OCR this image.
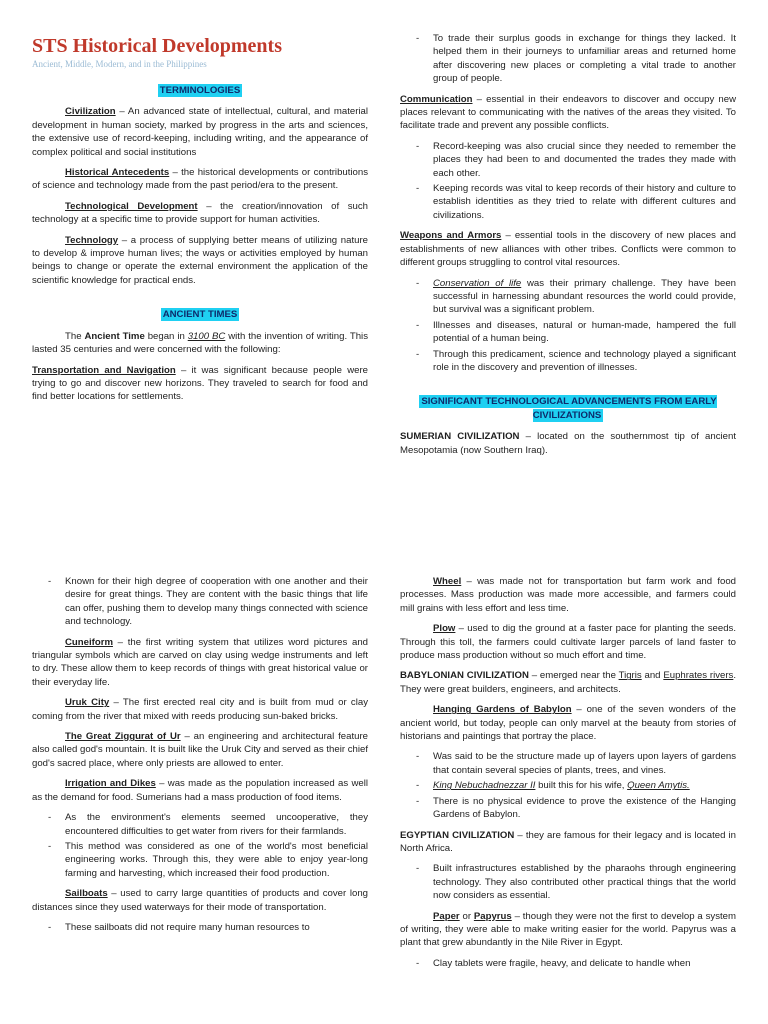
STS Historical Developments

Ancient, Middle, Modern, and in the Philippines

TERMINOLOGIES

Civilization – An advanced state of intellectual, cultural, and material development in human society, marked by progress in the arts and sciences, the extensive use of record-keeping, including writing, and the appearance of complex political and social institutions

Historical Antecedents – the historical developments or contributions of science and technology made from the past period/era to the present.

Technological Development – the creation/innovation of such technology at a specific time to provide support for human activities.

Technology – a process of supplying better means of utilizing nature to develop & improve human lives; the ways or activities employed by human beings to change or operate the external environment the application of the scientific knowledge for practical ends.

ANCIENT TIMES

The Ancient Time began in 3100 BC with the invention of writing. This lasted 35 centuries and were concerned with the following:

Transportation and Navigation – it was significant because people were trying to go and discover new horizons. They traveled to search for food and find better locations for settlements.

- To trade their surplus goods in exchange for things they lacked. It helped them in their journeys to unfamiliar areas and returned home after discovering new places or completing a vital trade to another group of people.

Communication – essential in their endeavors to discover and occupy new places relevant to communicating with the natives of the areas they visited. To facilitate trade and prevent any possible conflicts.

- Record-keeping was also crucial since they needed to remember the places they had been to and documented the trades they made with each other.
- Keeping records was vital to keep records of their history and culture to establish identities as they tried to relate with different cultures and civilizations.

Weapons and Armors – essential tools in the discovery of new places and establishments of new alliances with other tribes. Conflicts were common to different groups struggling to control vital resources.

- Conservation of life was their primary challenge. They have been successful in harnessing abundant resources the world could provide, but survival was a significant problem.
- Illnesses and diseases, natural or human-made, hampered the full potential of a human being.
- Through this predicament, science and technology played a significant role in the discovery and prevention of illnesses.

SIGNIFICANT TECHNOLOGICAL ADVANCEMENTS FROM EARLY CIVILIZATIONS

SUMERIAN CIVILIZATION – located on the southernmost tip of ancient Mesopotamia (now Southern Iraq).

- Known for their high degree of cooperation with one another and their desire for great things. They are content with the basic things that life can offer, pushing them to develop many things connected with science and technology.

Cuneiform – the first writing system that utilizes word pictures and triangular symbols which are carved on clay using wedge instruments and left to dry. These allow them to keep records of things with great historical value or their everyday life.

Uruk City – The first erected real city and is built from mud or clay coming from the river that mixed with reeds producing sun-baked bricks.

The Great Ziggurat of Ur – an engineering and architectural feature also called god's mountain. It is built like the Uruk City and served as their chief god's sacred place, where only priests are allowed to enter.

Irrigation and Dikes – was made as the population increased as well as the demand for food. Sumerians had a mass production of food items.

- As the environment's elements seemed uncooperative, they encountered difficulties to get water from rivers for their farmlands.
- This method was considered as one of the world's most beneficial engineering works. Through this, they were able to enjoy year-long farming and harvesting, which increased their food production.

Sailboats – used to carry large quantities of products and cover long distances since they used waterways for their mode of transportation.

- These sailboats did not require many human resources to

Wheel – was made not for transportation but farm work and food processes. Mass production was made more accessible, and farmers could mill grains with less effort and less time.

Plow – used to dig the ground at a faster pace for planting the seeds. Through this toll, the farmers could cultivate larger parcels of land faster to produce mass production without so much effort and time.

BABYLONIAN CIVILIZATION – emerged near the Tigris and Euphrates rivers. They were great builders, engineers, and architects.

Hanging Gardens of Babylon – one of the seven wonders of the ancient world, but today, people can only marvel at the beauty from stories of historians and paintings that portray the place.

- Was said to be the structure made up of layers upon layers of gardens that contain several species of plants, trees, and vines.
- King Nebuchadnezzar II built this for his wife, Queen Amytis.
- There is no physical evidence to prove the existence of the Hanging Gardens of Babylon.

EGYPTIAN CIVILIZATION – they are famous for their legacy and is located in North Africa.

- Built infrastructures established by the pharaohs through engineering technology. They also contributed other practical things that the world now considers as essential.

Paper or Papyrus – though they were not the first to develop a system of writing, they were able to make writing easier for the world. Papyrus was a plant that grew abundantly in the Nile River in Egypt.

- Clay tablets were fragile, heavy, and delicate to handle when
